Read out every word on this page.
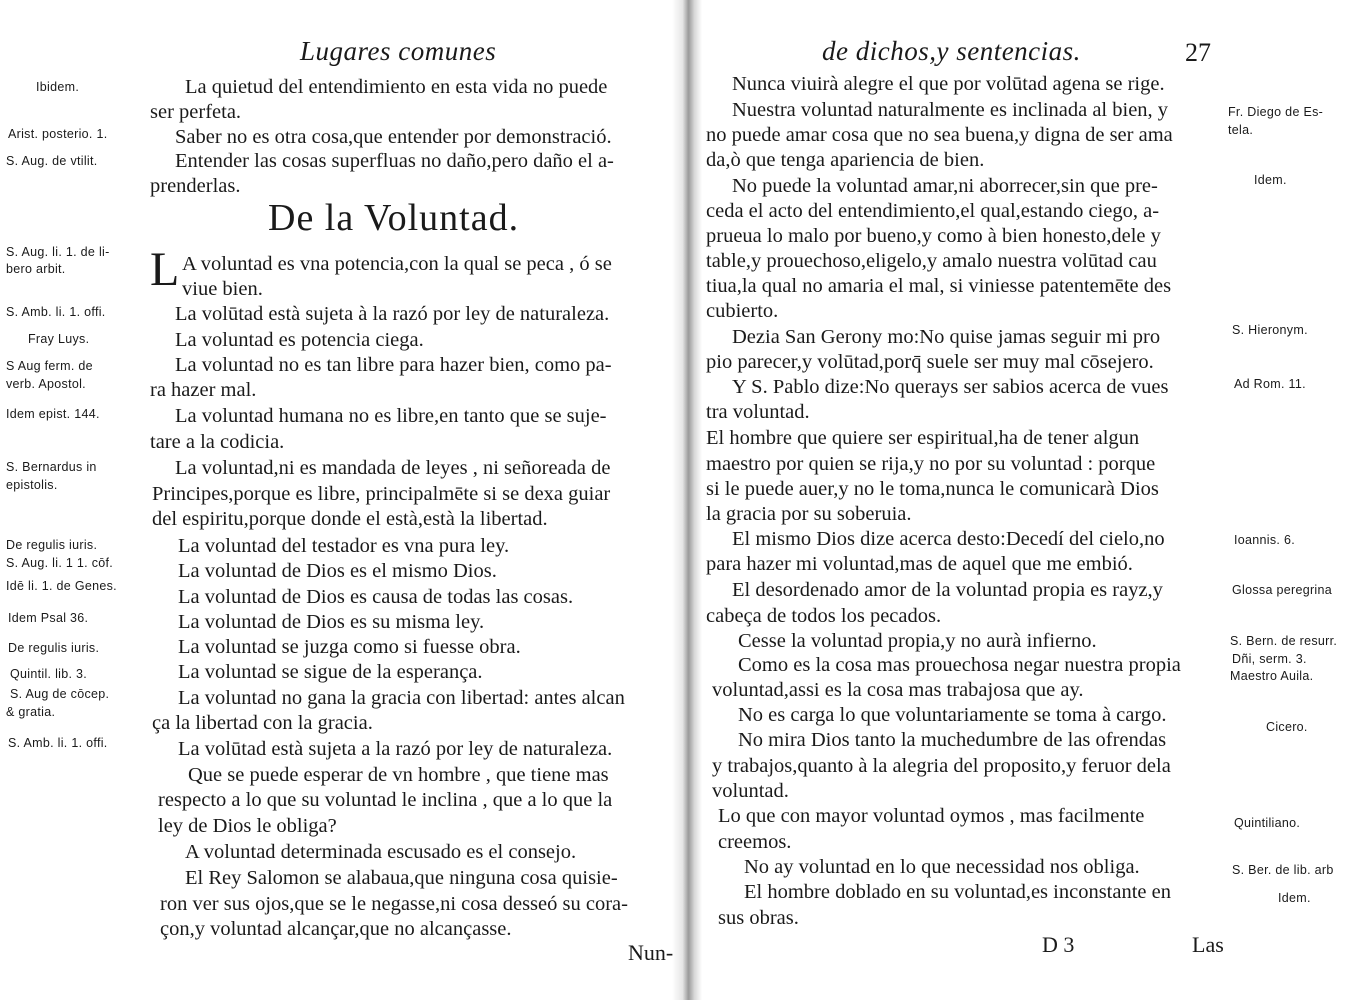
Lugares comunes
De la Voluntad.
L
La quietud del entendimiento en esta vida no puede
ser perfeta.
Saber no es otra cosa,que entender por demonstració.
Entender las cosas superfluas no daño,pero daño el a-
prenderlas.
A voluntad es vna potencia,con la qual se peca , ó se
viue bien.
La volūtad està sujeta à la razó por ley de naturaleza.
La voluntad es potencia ciega.
La voluntad no es tan libre para hazer bien, como pa-
ra hazer mal.
La voluntad humana no es libre,en tanto que se suje-
tare a la codicia.
La voluntad,ni es mandada de leyes , ni señoreada de
Principes,porque es libre, principalmēte si se dexa guiar
del espiritu,porque donde el està,està la libertad.
La voluntad del testador es vna pura ley.
La voluntad de Dios es el mismo Dios.
La voluntad de Dios es causa de todas las cosas.
La voluntad de Dios es su misma ley.
La voluntad se juzga como si fuesse obra.
La voluntad se sigue de la esperança.
La voluntad no gana la gracia con libertad: antes alcan
ça la libertad con la gracia.
La volūtad està sujeta a la razó por ley de naturaleza.
Que se puede esperar de vn hombre , que tiene mas
respecto a lo que su voluntad le inclina , que a lo que la
ley de Dios le obliga?
A voluntad determinada escusado es el consejo.
El Rey Salomon se alabaua,que ninguna cosa quisie-
ron ver sus ojos,que se le negasse,ni cosa desseó su cora-
çon,y voluntad alcançar,que no alcançasse.
Ibidem.
Arist. posterio. 1.
S. Aug. de vtilit.
S. Aug. li. 1. de li-
bero arbit.
S. Amb. li. 1. offi.
Fray Luys.
S Aug ferm. de
verb. Apostol.
Idem epist. 144.
S. Bernardus in
epistolis.
De regulis iuris.
S. Aug. li. 1 1. cōf.
Idē li. 1. de Genes.
Idem Psal 36.
De regulis iuris.
Quintil. lib. 3.
S. Aug de cōcep.
& gratia.
S. Amb. li. 1. offi.
Nun-
de dichos,y sentencias.	27
Nunca viuirà alegre el que por volūtad agena se rige.
Nuestra voluntad naturalmente es inclinada al bien, y
no puede amar cosa que no sea buena,y digna de ser ama
da,ò que tenga apariencia de bien.
No puede la voluntad amar,ni aborrecer,sin que pre-
ceda el acto del entendimiento,el qual,estando ciego, a-
prueua lo malo por bueno,y como à bien honesto,dele y
table,y prouechoso,eligelo,y amalo nuestra volūtad cau
tiua,la qual no amaria el mal, si viniesse patentemēte des
cubierto.
Dezia San Gerony mo:No quise jamas seguir mi pro
pio parecer,y volūtad,porq̄ suele ser muy mal cōsejero.
Y S. Pablo dize:No querays ser sabios acerca de vues
tra voluntad.
El hombre que quiere ser espiritual,ha de tener algun
maestro por quien se rija,y no por su voluntad : porque
si le puede auer,y no le toma,nunca le comunicarà Dios
la gracia por su soberuia.
El mismo Dios dize acerca desto:Decedí del cielo,no
para hazer mi voluntad,mas de aquel que me embió.
El desordenado amor de la voluntad propia es rayz,y
cabeça de todos los pecados.
Cesse la voluntad propia,y no aurà infierno.
Como es la cosa mas prouechosa negar nuestra propia
voluntad,assi es la cosa mas trabajosa que ay.
No es carga lo que voluntariamente se toma à cargo.
No mira Dios tanto la muchedumbre de las ofrendas
y trabajos,quanto à la alegria del proposito,y feruor dela
voluntad.
Lo que con mayor voluntad oymos , mas facilmente
creemos.
No ay voluntad en lo que necessidad nos obliga.
El hombre doblado en su voluntad,es inconstante en
sus obras.
Fr. Diego de Es-
tela.
Idem.
S. Hieronym.
Ad Rom. 11.
Ioannis. 6.
Glossa peregrina
S. Bern. de resurr.
Dñi, serm. 3.
Maestro Auila.
Cicero.
Quintiliano.
S. Ber. de lib. arb
Idem.
D 3	Las
